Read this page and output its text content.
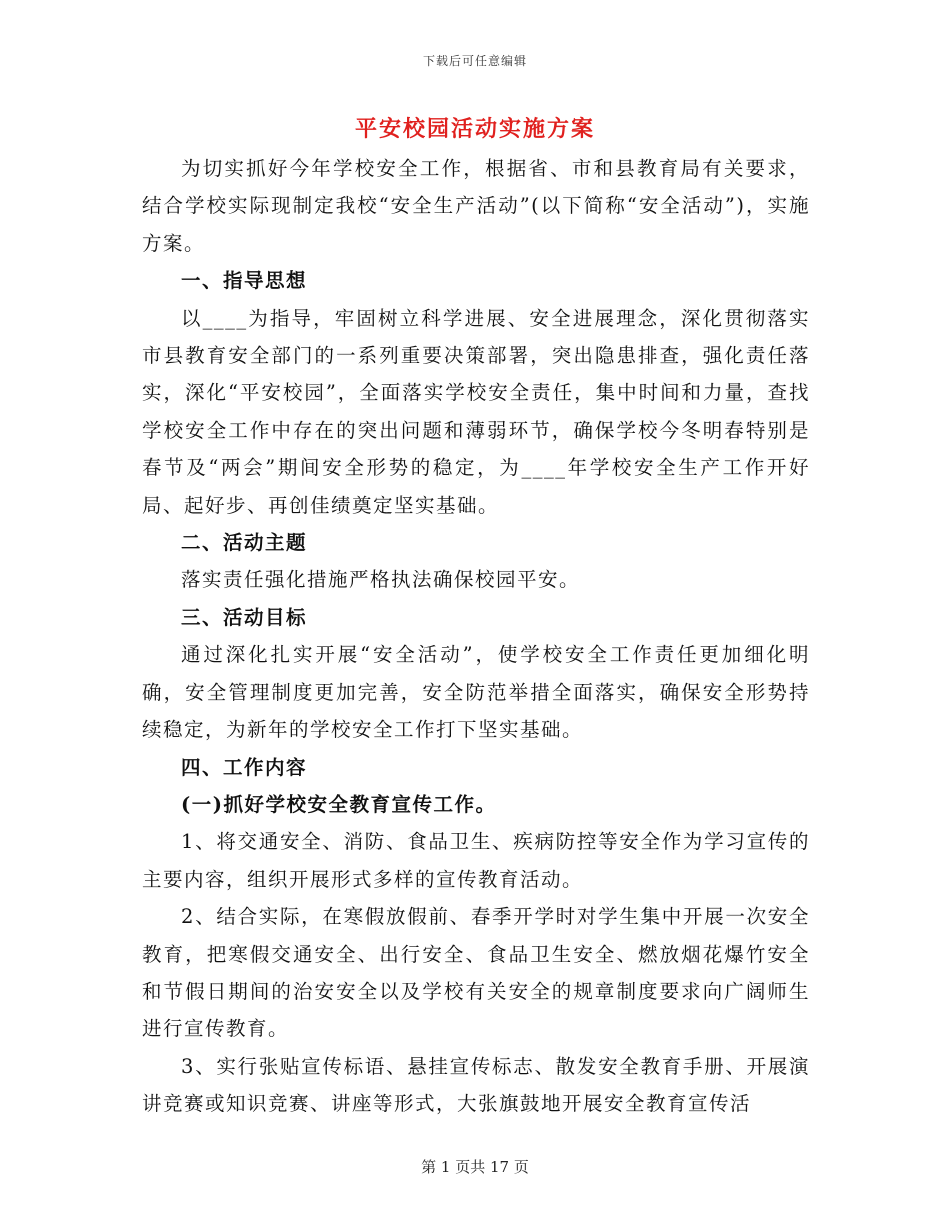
下载后可任意编辑
平安校园活动实施方案

为切实抓好今年学校安全工作，根据省、市和县教育局有关要求，结合学校实际现制定我校“安全生产活动”(以下简称“安全活动”)，实施方案。

一、指导思想

以____为指导，牢固树立科学进展、安全进展理念，深化贯彻落实市县教育安全部门的一系列重要决策部署，突出隐患排查，强化责任落实，深化“平安校园”，全面落实学校安全责任，集中时间和力量，查找学校安全工作中存在的突出问题和薄弱环节，确保学校今冬明春特别是春节及“两会”期间安全形势的稳定，为____年学校安全生产工作开好局、起好步、再创佳绩奠定坚实基础。

二、活动主题

落实责任强化措施严格执法确保校园平安。

三、活动目标

通过深化扎实开展“安全活动”，使学校安全工作责任更加细化明确，安全管理制度更加完善，安全防范举措全面落实，确保安全形势持续稳定，为新年的学校安全工作打下坚实基础。

四、工作内容

(一)抓好学校安全教育宣传工作。

1、将交通安全、消防、食品卫生、疾病防控等安全作为学习宣传的主要内容，组织开展形式多样的宣传教育活动。

2、结合实际，在寒假放假前、春季开学时对学生集中开展一次安全教育，把寒假交通安全、出行安全、食品卫生安全、燃放烟花爆竹安全和节假日期间的治安安全以及学校有关安全的规章制度要求向广阔师生进行宣传教育。

3、实行张贴宣传标语、悬挂宣传标志、散发安全教育手册、开展演讲竞赛或知识竞赛、讲座等形式，大张旗鼓地开展安全教育宣传活

第 1 页共 17 页
